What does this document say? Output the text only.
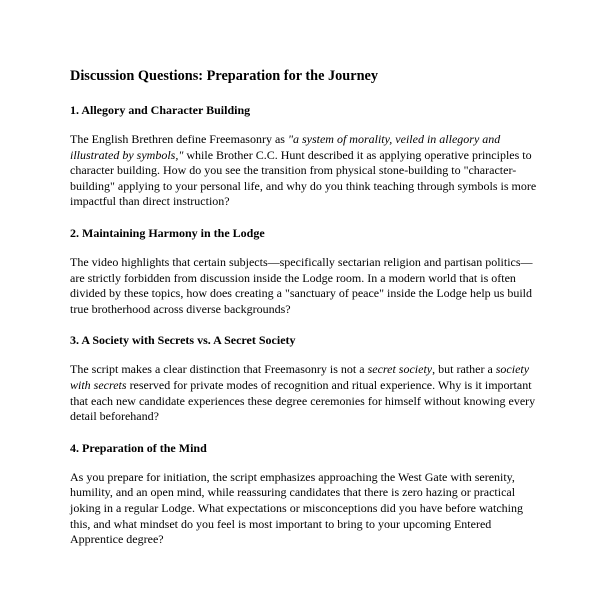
Discussion Questions: Preparation for the Journey
1. Allegory and Character Building

The English Brethren define Freemasonry as "a system of morality, veiled in allegory and
illustrated by symbols," while Brother C.C. Hunt described it as applying operative principles to
character building. How do you see the transition from physical stone-building to "character-
building" applying to your personal life, and why do you think teaching through symbols is more
impactful than direct instruction?

2. Maintaining Harmony in the Lodge

The video highlights that certain subjects—specifically sectarian religion and partisan politics—
are strictly forbidden from discussion inside the Lodge room. In a modern world that is often
divided by these topics, how does creating a "sanctuary of peace" inside the Lodge help us build
true brotherhood across diverse backgrounds?

3. A Society with Secrets vs. A Secret Society

The script makes a clear distinction that Freemasonry is not a secret society, but rather a society
with secrets reserved for private modes of recognition and ritual experience. Why is it important
that each new candidate experiences these degree ceremonies for himself without knowing every
detail beforehand?

4. Preparation of the Mind

As you prepare for initiation, the script emphasizes approaching the West Gate with serenity,
humility, and an open mind, while reassuring candidates that there is zero hazing or practical
joking in a regular Lodge. What expectations or misconceptions did you have before watching
this, and what mindset do you feel is most important to bring to your upcoming Entered
Apprentice degree?
